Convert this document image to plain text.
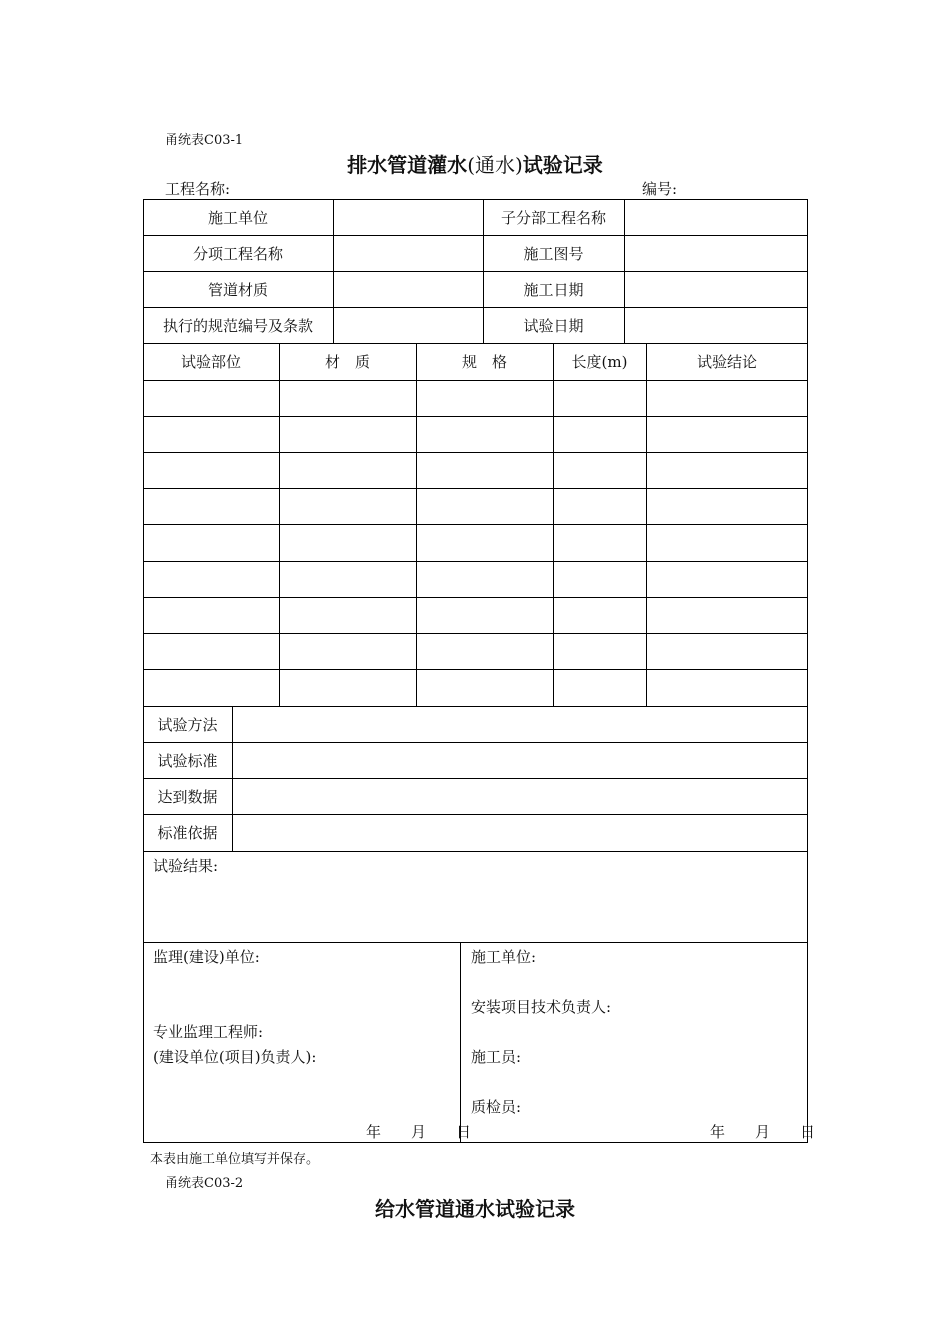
甬统表C03-1
排水管道灌水(通水)试验记录
工程名称:	编号:
施工单位	子分部工程名称
分项工程名称	施工图号
管道材质	施工日期
执行的规范编号及条款	试验日期
试验部位	材　质	规　格	长度(m)	试验结论
试验方法
试验标准
达到数据
标准依据
试验结果:
监理(建设)单位:
专业监理工程师:
(建设单位(项目)负责人):
年　　月　　日
施工单位:
安装项目技术负责人:
施工员:
质检员:
年　　月　　日
本表由施工单位填写并保存。
甬统表C03-2
给水管道通水试验记录
